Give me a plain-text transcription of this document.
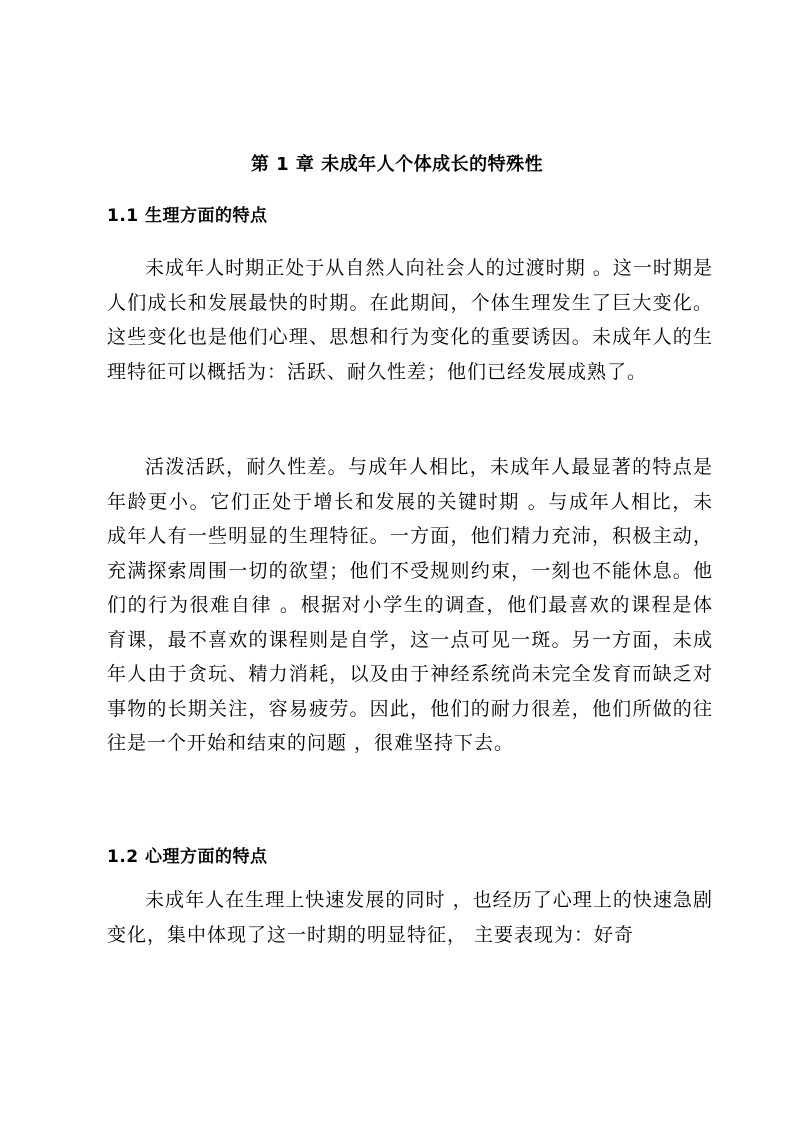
第 1 章 未成年人个体成长的特殊性
1.1 生理方面的特点

未成年人时期正处于从自然人向社会人的过渡时期 。这一时期是人们成长和发展最快的时期。在此期间，个体生理发生了巨大变化。这些变化也是他们心理、思想和行为变化的重要诱因。未成年人的生理特征可以概括为：活跃、耐久性差；他们已经发展成熟了。

活泼活跃，耐久性差。与成年人相比，未成年人最显著的特点是年龄更小。它们正处于增长和发展的关键时期 。与成年人相比，未成年人有一些明显的生理特征。一方面，他们精力充沛，积极主动，充满探索周围一切的欲望；他们不受规则约束，一刻也不能休息。他们的行为很难自律 。根据对小学生的调查，他们最喜欢的课程是体育课，最不喜欢的课程则是自学，这一点可见一斑。另一方面，未成年人由于贪玩、精力消耗，以及由于神经系统尚未完全发育而缺乏对事物的长期关注，容易疲劳。因此，他们的耐力很差，他们所做的往往是一个开始和结束的问题 ，很难坚持下去。

1.2 心理方面的特点

未成年人在生理上快速发展的同时 ，也经历了心理上的快速急剧变化，集中体现了这一时期的明显特征， 主要表现为：好奇
